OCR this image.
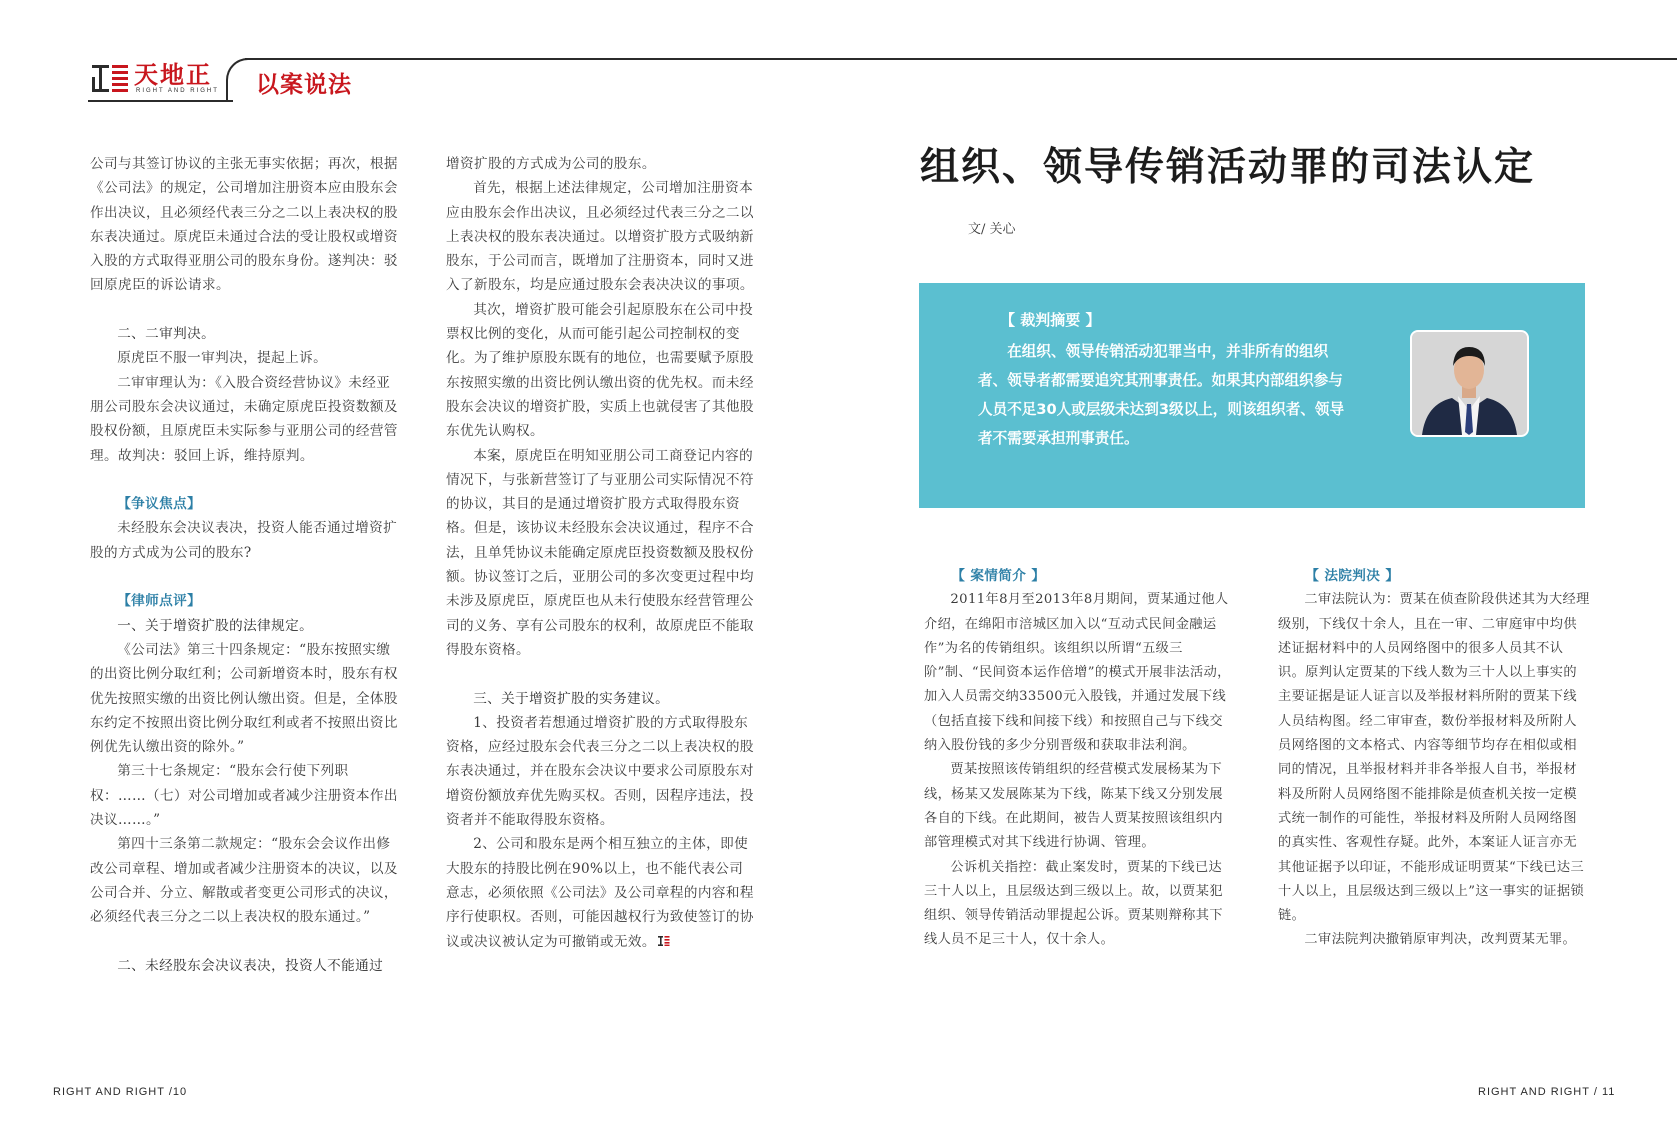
天地正
RIGHT AND RIGHT 以案说法

公司与其签订协议的主张无事实依据；再次，根据《公司法》的规定，公司增加注册资本应由股东会作出决议，且必须经代表三分之二以上表决权的股东表决通过。原虎臣未通过合法的受让股权或增资入股的方式取得亚朋公司的股东身份。遂判决：驳回原虎臣的诉讼请求。

二、二审判决。

原虎臣不服一审判决，提起上诉。

二审审理认为：《入股合资经营协议》未经亚朋公司股东会决议通过，未确定原虎臣投资数额及股权份额，且原虎臣未实际参与亚朋公司的经营管理。故判决：驳回上诉，维持原判。

【争议焦点】

未经股东会决议表决，投资人能否通过增资扩股的方式成为公司的股东?

【律师点评】

一、关于增资扩股的法律规定。

《公司法》第三十四条规定：“股东按照实缴的出资比例分取红利；公司新增资本时，股东有权优先按照实缴的出资比例认缴出资。但是，全体股东约定不按照出资比例分取红利或者不按照出资比例优先认缴出资的除外。”

第三十七条规定：“股东会行使下列职权：……（七）对公司增加或者减少注册资本作出决议……。”

第四十三条第二款规定：“股东会会议作出修改公司章程、增加或者减少注册资本的决议，以及公司合并、分立、解散或者变更公司形式的决议，必须经代表三分之二以上表决权的股东通过。”

二、未经股东会决议表决，投资人不能通过

增资扩股的方式成为公司的股东。

首先，根据上述法律规定，公司增加注册资本应由股东会作出决议，且必须经过代表三分之二以上表决权的股东表决通过。以增资扩股方式吸纳新股东，于公司而言，既增加了注册资本，同时又进入了新股东，均是应通过股东会表决决议的事项。

其次，增资扩股可能会引起原股东在公司中投票权比例的变化，从而可能引起公司控制权的变化。为了维护原股东既有的地位，也需要赋予原股东按照实缴的出资比例认缴出资的优先权。而未经股东会决议的增资扩股，实质上也就侵害了其他股东优先认购权。

本案，原虎臣在明知亚朋公司工商登记内容的情况下，与张新营签订了与亚朋公司实际情况不符的协议，其目的是通过增资扩股方式取得股东资格。但是，该协议未经股东会决议通过，程序不合法，且单凭协议未能确定原虎臣投资数额及股权份额。协议签订之后，亚朋公司的多次变更过程中均未涉及原虎臣，原虎臣也从未行使股东经营管理公司的义务、享有公司股东的权利，故原虎臣不能取得股东资格。

三、关于增资扩股的实务建议。

1、投资者若想通过增资扩股的方式取得股东资格，应经过股东会代表三分之二以上表决权的股东表决通过，并在股东会决议中要求公司原股东对增资份额放弃优先购买权。否则，因程序违法，投资者并不能取得股东资格。

2、公司和股东是两个相互独立的主体，即使大股东的持股比例在90%以上，也不能代表公司意志，必须依照《公司法》及公司章程的内容和程序行使职权。否则，可能因越权行为致使签订的协议或决议被认定为可撤销或无效。

组织、领导传销活动罪的司法认定
文/ 关心
【 裁判摘要 】
在组织、领导传销活动犯罪当中，并非所有的组织者、领导者都需要追究其刑事责任。如果其内部组织参与人员不足30人或层级未达到3级以上，则该组织者、领导者不需要承担刑事责任。

【 案情简介 】

2011年8月至2013年8月期间，贾某通过他人介绍，在绵阳市涪城区加入以“互动式民间金融运作”为名的传销组织。该组织以所谓“五级三阶”制、“民间资本运作倍增”的模式开展非法活动，加入人员需交纳33500元入股钱，并通过发展下线（包括直接下线和间接下线）和按照自己与下线交纳入股份钱的多少分别晋级和获取非法利润。

贾某按照该传销组织的经营模式发展杨某为下线，杨某又发展陈某为下线，陈某下线又分别发展各自的下线。在此期间，被告人贾某按照该组织内部管理模式对其下线进行协调、管理。

公诉机关指控：截止案发时，贾某的下线已达三十人以上，且层级达到三级以上。故，以贾某犯组织、领导传销活动罪提起公诉。贾某则辩称其下线人员不足三十人，仅十余人。

【 法院判决 】

二审法院认为：贾某在侦查阶段供述其为大经理级别，下线仅十余人，且在一审、二审庭审中均供述证据材料中的人员网络图中的很多人员其不认识。原判认定贾某的下线人数为三十人以上事实的主要证据是证人证言以及举报材料所附的贾某下线人员结构图。经二审审查，数份举报材料及所附人员网络图的文本格式、内容等细节均存在相似或相同的情况，且举报材料并非各举报人自书，举报材料及所附人员网络图不能排除是侦查机关按一定模式统一制作的可能性，举报材料及所附人员网络图的真实性、客观性存疑。此外，本案证人证言亦无其他证据予以印证，不能形成证明贾某“下线已达三十人以上，且层级达到三级以上”这一事实的证据锁链。

二审法院判决撤销原审判决，改判贾某无罪。

RIGHT AND RIGHT /10	RIGHT AND RIGHT / 11
